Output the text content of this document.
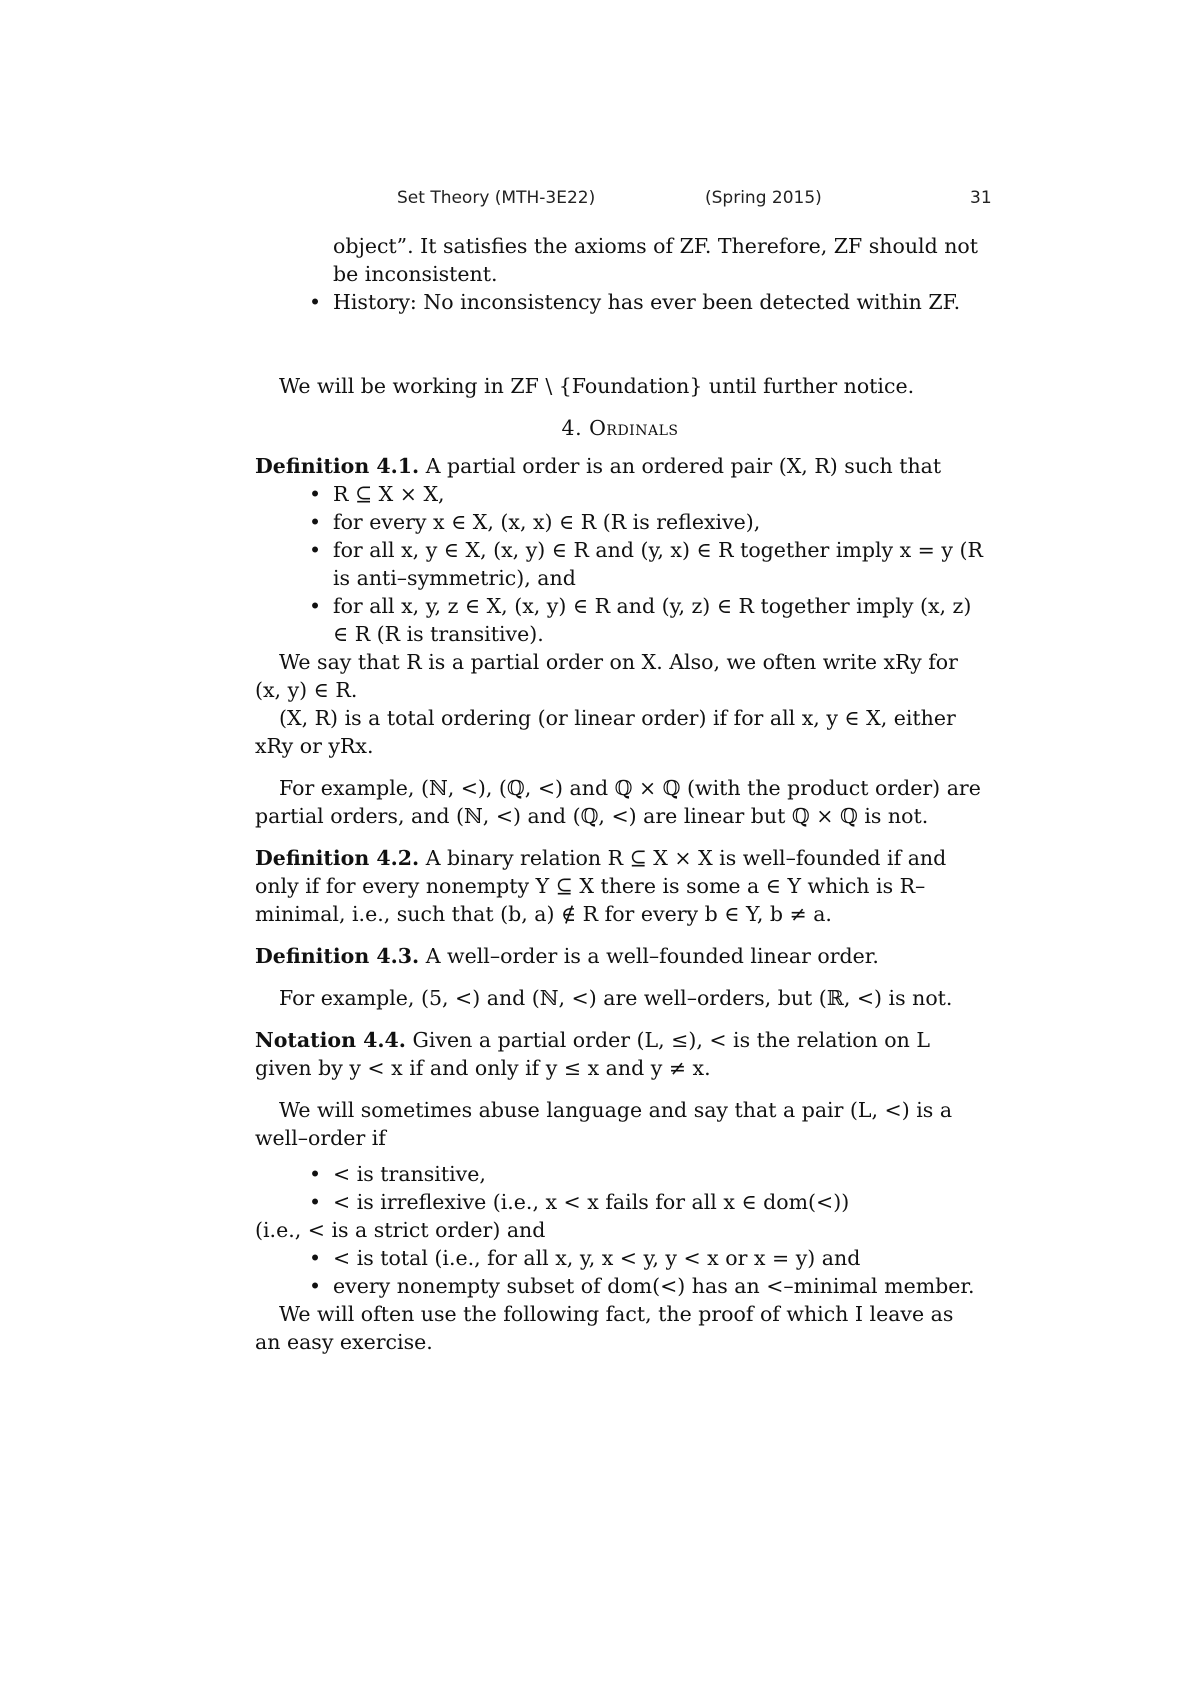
Set Theory (MTH-3E22)	(Spring 2015)	31
object”. It satisfies the axioms of ZF. Therefore, ZF should not
be inconsistent.
• History: No inconsistency has ever been detected within ZF.

We will be working in ZF \ {Foundation} until further notice.

4. Ordinals

Definition 4.1. A partial order is an ordered pair (X, R) such that

• R ⊆ X × X,
• for every x ∈ X, (x, x) ∈ R (R is reflexive),
• for all x, y ∈ X, (x, y) ∈ R and (y, x) ∈ R together imply x = y (R is anti–symmetric), and
• for all x, y, z ∈ X, (x, y) ∈ R and (y, z) ∈ R together imply (x, z) ∈ R (R is transitive).

We say that R is a partial order on X. Also, we often write xRy for (x, y) ∈ R.

(X, R) is a total ordering (or linear order) if for all x, y ∈ X, either xRy or yRx.

For example, (ℕ, <), (ℚ, <) and ℚ × ℚ (with the product order) are partial orders, and (ℕ, <) and (ℚ, <) are linear but ℚ × ℚ is not.

Definition 4.2. A binary relation R ⊆ X × X is well–founded if and only if for every nonempty Y ⊆ X there is some a ∈ Y which is R–minimal, i.e., such that (b, a) ∉ R for every b ∈ Y, b ≠ a.

Definition 4.3. A well–order is a well–founded linear order.

For example, (5, <) and (ℕ, <) are well–orders, but (ℝ, <) is not.

Notation 4.4. Given a partial order (L, ≤), < is the relation on L given by y < x if and only if y ≤ x and y ≠ x.

We will sometimes abuse language and say that a pair (L, <) is a well–order if

• < is transitive,
• < is irreflexive (i.e., x < x fails for all x ∈ dom(<))

(i.e., < is a strict order) and

• < is total (i.e., for all x, y, x < y, y < x or x = y) and
• every nonempty subset of dom(<) has an <–minimal member.

We will often use the following fact, the proof of which I leave as an easy exercise.
